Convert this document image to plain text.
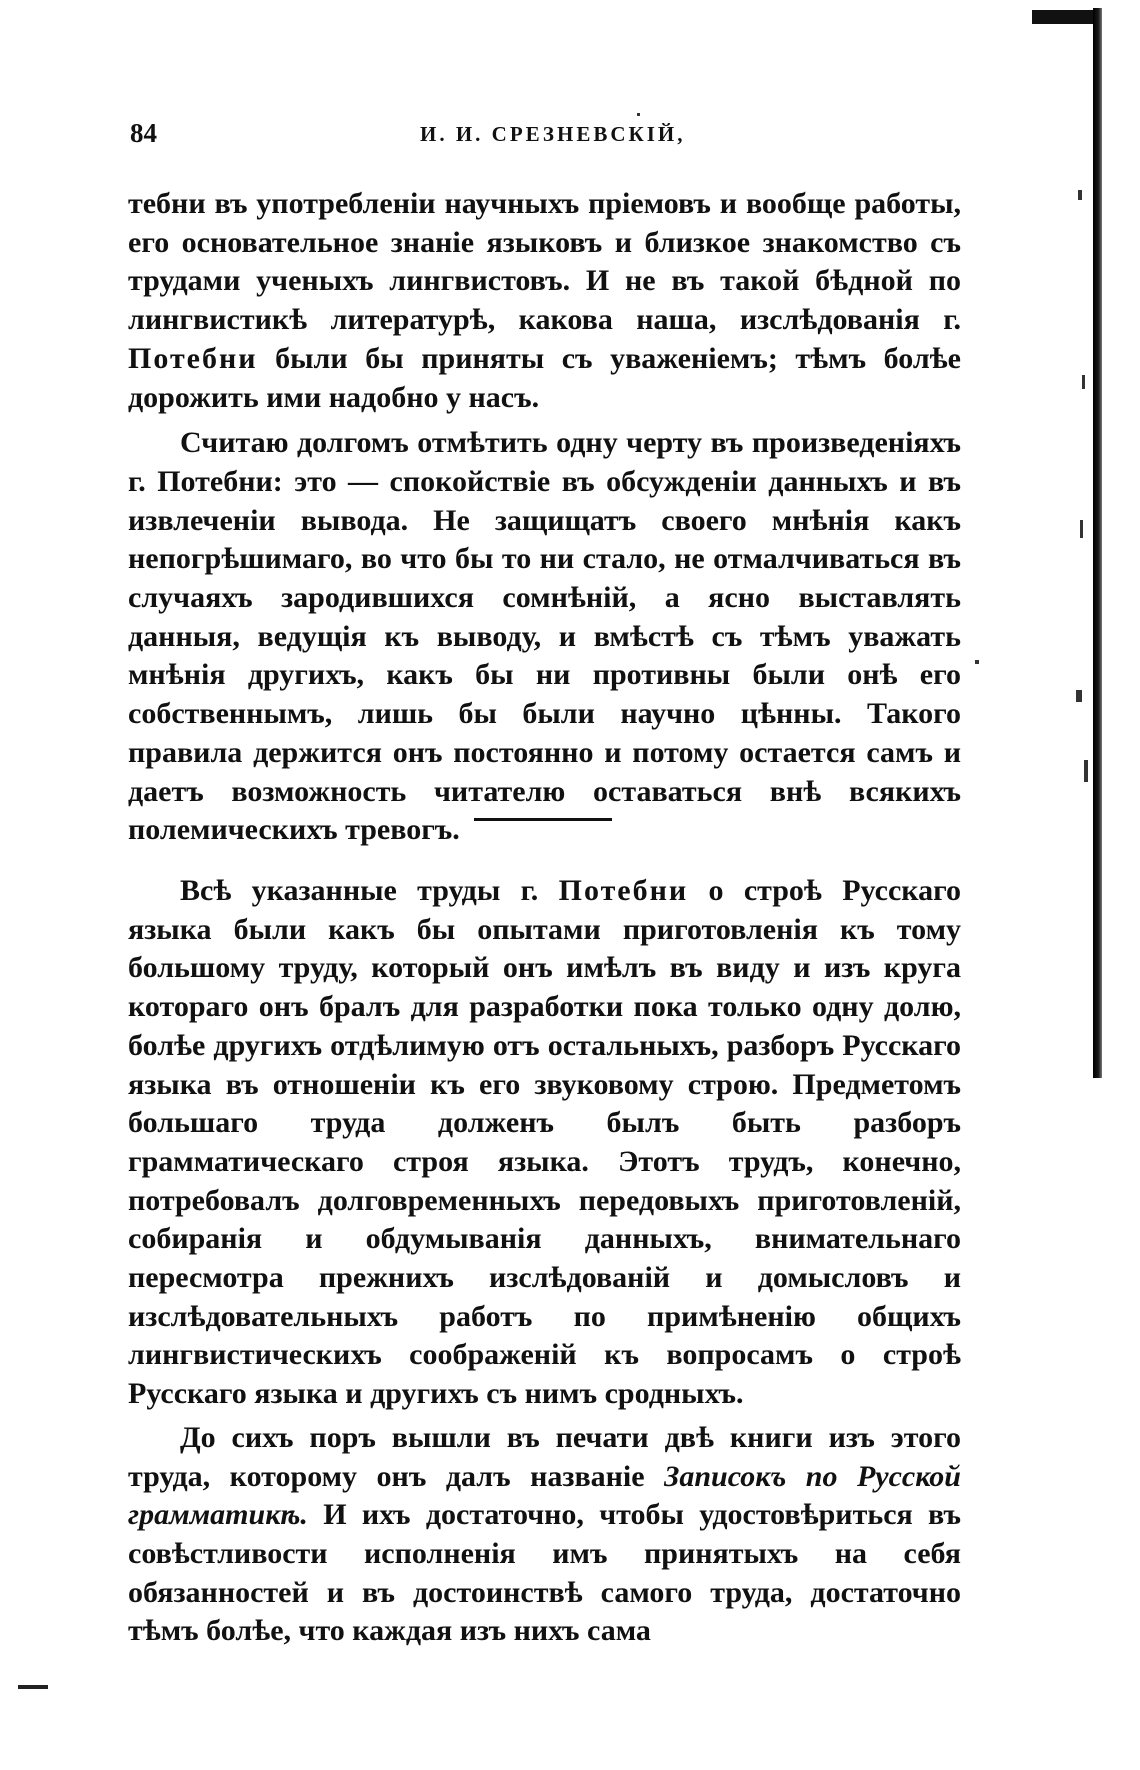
84	И. И. СРЕЗНЕВСКІЙ,

тебни въ употребленіи научныхъ пріемовъ и вообще работы, его основательное знаніе языковъ и близкое знакомство съ трудами ученыхъ лингвистовъ. И не въ такой бѣдной по лингвистикѣ литературѣ, какова наша, изслѣдованія г. Потебни были бы приняты съ уваженіемъ; тѣмъ болѣе дорожить ими надобно у насъ.

Считаю долгомъ отмѣтить одну черту въ произведеніяхъ г. Потебни: это — спокойствіе въ обсужденіи данныхъ и въ извлеченіи вывода. Не защищатъ своего мнѣнія какъ непогрѣшимаго, во что бы то ни стало, не отмалчиваться въ случаяхъ зародившихся сомнѣній, а ясно выставлять данныя, ведущія къ выводу, и вмѣстѣ съ тѣмъ уважать мнѣнія другихъ, какъ бы ни противны были онѣ его собственнымъ, лишь бы были научно цѣнны. Такого правила держится онъ постоянно и потому остается самъ и даетъ возможность читателю оставаться внѣ всякихъ полемическихъ тревогъ.

Всѣ указанные труды г. Потебни о строѣ Русскаго языка были какъ бы опытами приготовленія къ тому большому труду, который онъ имѣлъ въ виду и изъ круга котораго онъ бралъ для разработки пока только одну долю, болѣе другихъ отдѣлимую отъ остальныхъ, разборъ Русскаго языка въ отношеніи къ его звуковому строю. Предметомъ большаго труда долженъ былъ быть разборъ грамматическаго строя языка. Этотъ трудъ, конечно, потребовалъ долговременныхъ передовыхъ приготовленій, собиранія и обдумыванія данныхъ, внимательнаго пересмотра прежнихъ изслѣдованій и домысловъ и изслѣдовательныхъ работъ по примѣненію общихъ лингвистическихъ соображеній къ вопросамъ о строѣ Русскаго языка и другихъ съ нимъ сродныхъ.

До сихъ поръ вышли въ печати двѣ книги изъ этого труда, которому онъ далъ названіе Записокъ по Русской грамматикѣ. И ихъ достаточно, чтобы удостовѣриться въ совѣстливости исполненія имъ принятыхъ на себя обязанностей и въ достоинствѣ самого труда, достаточно тѣмъ болѣе, что каждая изъ нихъ сама
